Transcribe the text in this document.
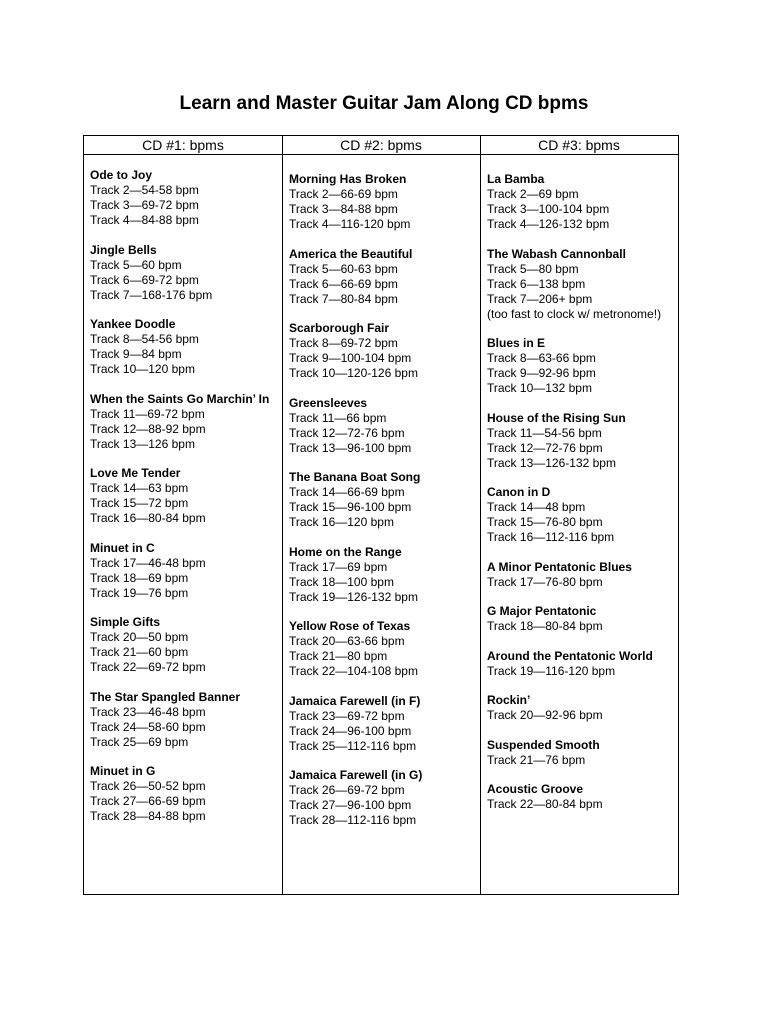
Learn and Master Guitar Jam Along CD bpms
CD #1: bpms	CD #2: bpms	CD #3: bpms
Ode to Joy
Track 2—54-58 bpm
Track 3—69-72 bpm
Track 4—84-88 bpm
Jingle Bells
Track 5—60 bpm
Track 6—69-72 bpm
Track 7—168-176 bpm
Yankee Doodle
Track 8—54-56 bpm
Track 9—84 bpm
Track 10—120 bpm
When the Saints Go Marchin’ In
Track 11—69-72 bpm
Track 12—88-92 bpm
Track 13—126 bpm
Love Me Tender
Track 14—63 bpm
Track 15—72 bpm
Track 16—80-84 bpm
Minuet in C
Track 17—46-48 bpm
Track 18—69 bpm
Track 19—76 bpm
Simple Gifts
Track 20—50 bpm
Track 21—60 bpm
Track 22—69-72 bpm
The Star Spangled Banner
Track 23—46-48 bpm
Track 24—58-60 bpm
Track 25—69 bpm
Minuet in G
Track 26—50-52 bpm
Track 27—66-69 bpm
Track 28—84-88 bpm
Morning Has Broken
Track 2—66-69 bpm
Track 3—84-88 bpm
Track 4—116-120 bpm
America the Beautiful
Track 5—60-63 bpm
Track 6—66-69 bpm
Track 7—80-84 bpm
Scarborough Fair
Track 8—69-72 bpm
Track 9—100-104 bpm
Track 10—120-126 bpm
Greensleeves
Track 11—66 bpm
Track 12—72-76 bpm
Track 13—96-100 bpm
The Banana Boat Song
Track 14—66-69 bpm
Track 15—96-100 bpm
Track 16—120 bpm
Home on the Range
Track 17—69 bpm
Track 18—100 bpm
Track 19—126-132 bpm
Yellow Rose of Texas
Track 20—63-66 bpm
Track 21—80 bpm
Track 22—104-108 bpm
Jamaica Farewell (in F)
Track 23—69-72 bpm
Track 24—96-100 bpm
Track 25—112-116 bpm
Jamaica Farewell (in G)
Track 26—69-72 bpm
Track 27—96-100 bpm
Track 28—112-116 bpm
La Bamba
Track 2—69 bpm
Track 3—100-104 bpm
Track 4—126-132 bpm
The Wabash Cannonball
Track 5—80 bpm
Track 6—138 bpm
Track 7—206+ bpm
(too fast to clock w/ metronome!)
Blues in E
Track 8—63-66 bpm
Track 9—92-96 bpm
Track 10—132 bpm
House of the Rising Sun
Track 11—54-56 bpm
Track 12—72-76 bpm
Track 13—126-132 bpm
Canon in D
Track 14—48 bpm
Track 15—76-80 bpm
Track 16—112-116 bpm
A Minor Pentatonic Blues
Track 17—76-80 bpm
G Major Pentatonic
Track 18—80-84 bpm
Around the Pentatonic World
Track 19—116-120 bpm
Rockin’
Track 20—92-96 bpm
Suspended Smooth
Track 21—76 bpm
Acoustic Groove
Track 22—80-84 bpm
